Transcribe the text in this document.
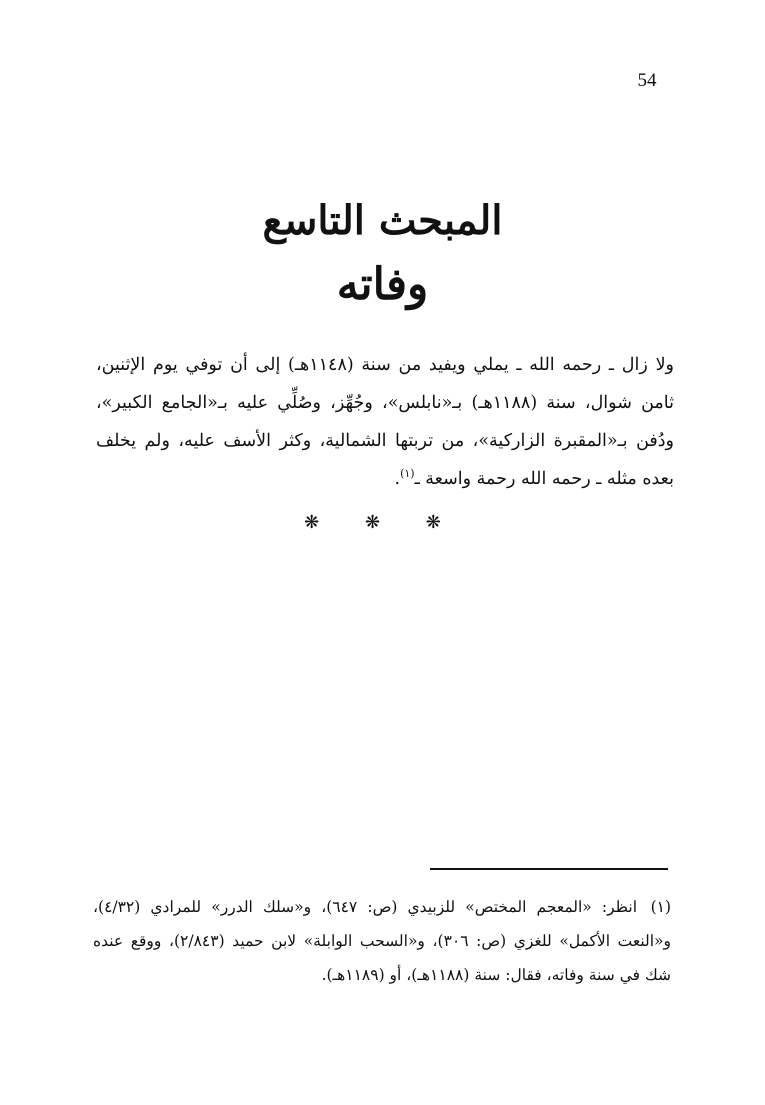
54
المبحث التاسع
وفاته
ولا زال ـ رحمه الله ـ يملي ويفيد من سنة (١١٤٨هـ) إلى أن توفي يوم الإثنين، ثامن شوال، سنة (١١٨٨هـ) بـ«نابلس»، وجُهِّز، وصُلِّي عليه بـ«الجامع الكبير»، ودُفن بـ«المقبرة الزاركية»، من تربتها الشمالية، وكثر الأسف عليه، ولم يخلف بعده مثله ـ رحمه الله رحمة واسعة ـ$^{(١)}$.
❋ ❋ ❋
(١)انظر: «المعجم المختص» للزبيدي (ص: ٦٤٧)، و«سلك الدرر» للمرادي (٤/٣٢)، و«النعت الأكمل» للغزي (ص: ٣٠٦)، و«السحب الوابلة» لابن حميد (٢/٨٤٣)، ووقع عنده شك في سنة وفاته، فقال: سنة (١١٨٨هـ)، أو (١١٨٩هـ).
